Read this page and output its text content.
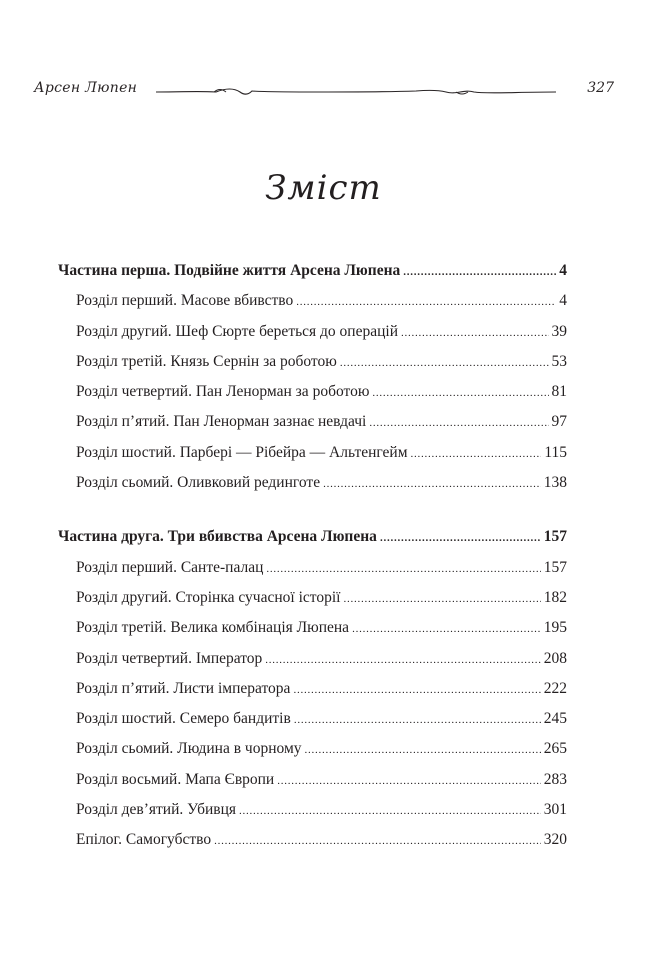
Арсен Люпен	327
Зміст
Частина перша. Подвійне життя Арсена Люпена . . .	4
Розділ перший. Масове вбивство . . .	4
Розділ другий. Шеф Сюрте береться до операцій . . .	39
Розділ третій. Князь Сернін за роботою . . .	53
Розділ четвертий. Пан Ленорман за роботою . . .	81
Розділ п’ятий. Пан Ленорман зазнає невдачі . . .	97
Розділ шостий. Парбері — Рібейра — Альтенгейм . . .	115
Розділ сьомий. Оливковий рединготе . . .	138
Частина друга. Три вбивства Арсена Люпена . . .	157
Розділ перший. Санте-палац . . .	157
Розділ другий. Сторінка сучасної історії . . .	182
Розділ третій. Велика комбінація Люпена . . .	195
Розділ четвертий. Імператор . . .	208
Розділ п’ятий. Листи імператора . . .	222
Розділ шостий. Семеро бандитів . . .	245
Розділ сьомий. Людина в чорному . . .	265
Розділ восьмий. Мапа Європи . . .	283
Розділ дев’ятий. Убивця . . .	301
Епілог. Самогубство . . .	320
